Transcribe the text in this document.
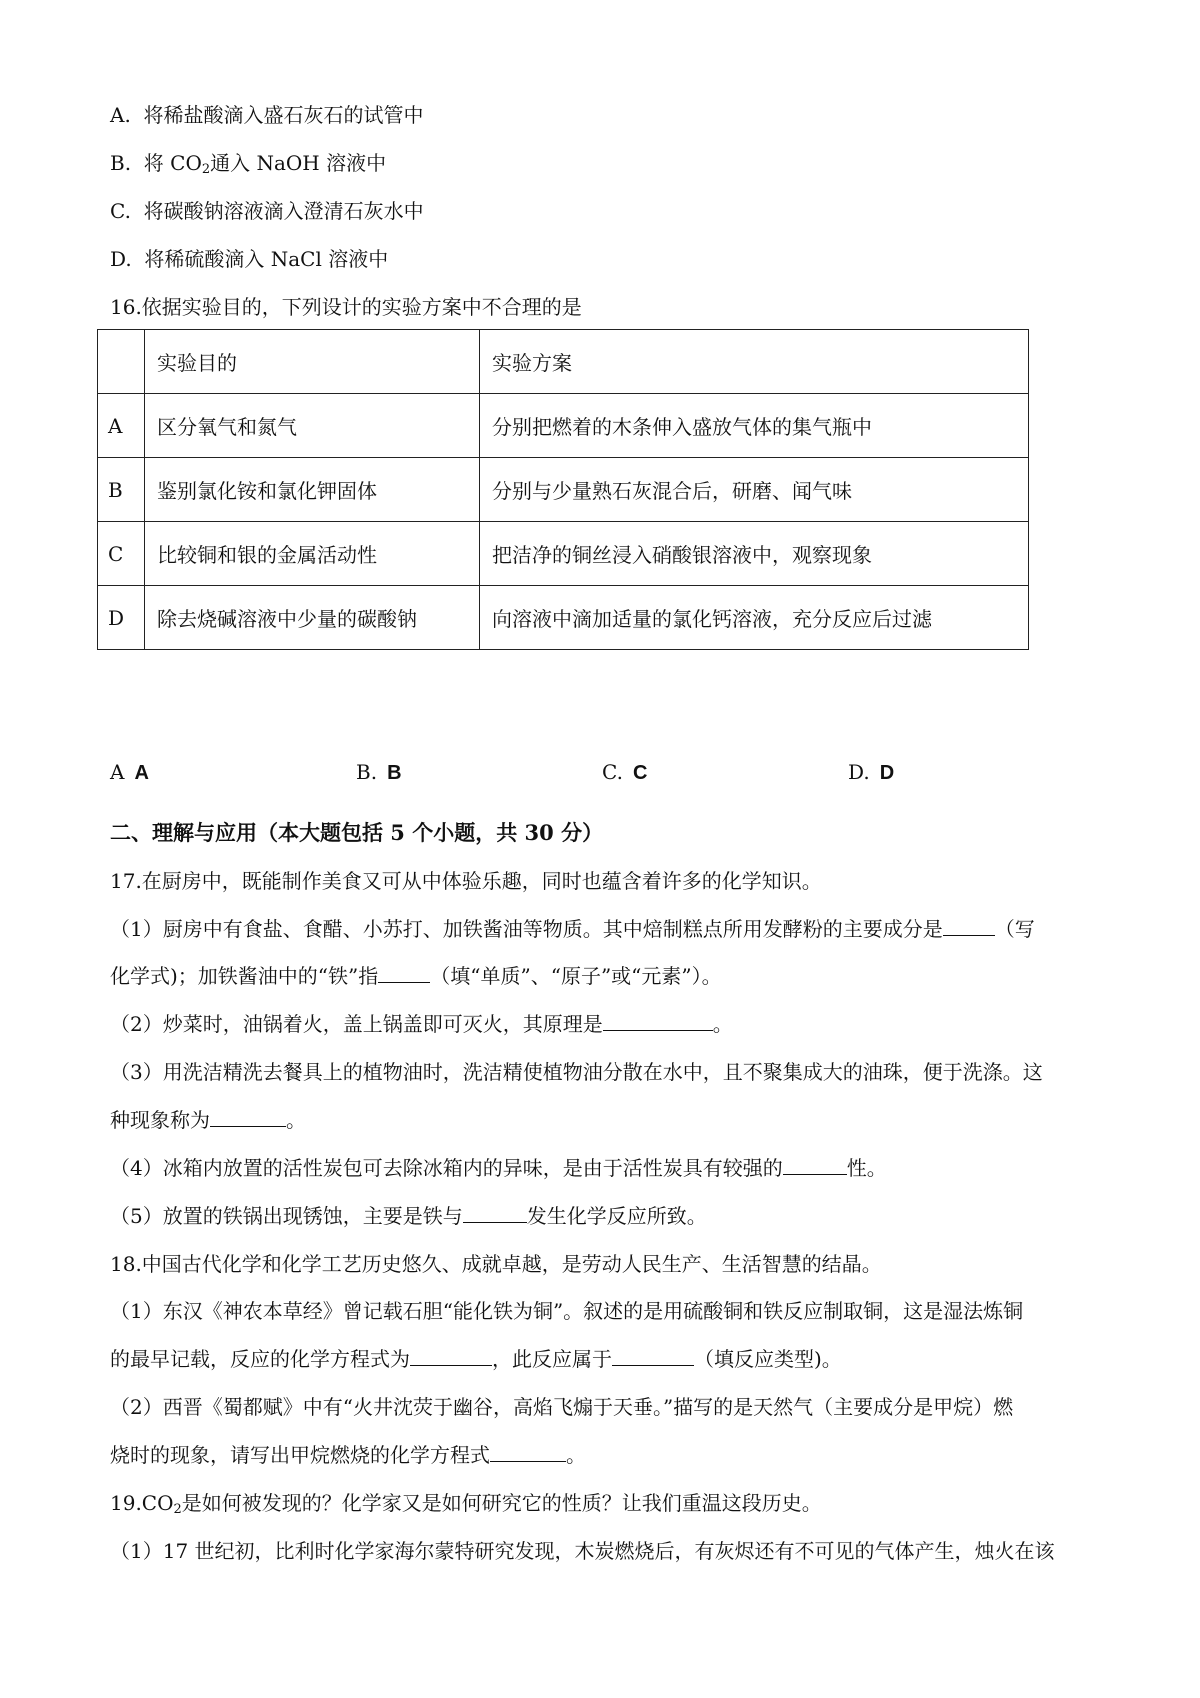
A. 将稀盐酸滴入盛石灰石的试管中
B. 将 $CO_2$通入 NaOH 溶液中
C. 将碳酸钠溶液滴入澄清石灰水中
D. 将稀硫酸滴入 NaCl 溶液中
16.依据实验目的，下列设计的实验方案中不合理的是
	实验目的	实验方案
A	区分氧气和氮气	分别把燃着的木条伸入盛放气体的集气瓶中
B	鉴别氯化铵和氯化钾固体	分别与少量熟石灰混合后，研磨、闻气味
C	比较铜和银的金属活动性	把洁净的铜丝浸入硝酸银溶液中，观察现象
D	除去烧碱溶液中少量的碳酸钠	向溶液中滴加适量的氯化钙溶液，充分反应后过滤
A A	B. B	C. C	D. D
二、理解与应用（本大题包括 5 个小题，共 30 分）
17.在厨房中，既能制作美食又可从中体验乐趣，同时也蕴含着许多的化学知识。
（1）厨房中有食盐、食醋、小苏打、加铁酱油等物质。其中焙制糕点所用发酵粉的主要成分是	（写
化学式)；加铁酱油中的“铁”指	（填“单质”、“原子”或“元素”）。
（2）炒菜时，油锅着火，盖上锅盖即可灭火，其原理是	。
（3）用洗洁精洗去餐具上的植物油时，洗洁精使植物油分散在水中，且不聚集成大的油珠，便于洗涤。这
种现象称为	。
（4）冰箱内放置的活性炭包可去除冰箱内的异味，是由于活性炭具有较强的	性。
（5）放置的铁锅出现锈蚀，主要是铁与	发生化学反应所致。
18.中国古代化学和化学工艺历史悠久、成就卓越，是劳动人民生产、生活智慧的结晶。
（1）东汉《神农本草经》曾记载石胆“能化铁为铜”。叙述的是用硫酸铜和铁反应制取铜，这是湿法炼铜
的最早记载，反应的化学方程式为	，此反应属于	（填反应类型)。
（2）西晋《蜀都赋》中有“火井沈荧于幽谷，高焰飞煽于天垂。”描写的是天然气（主要成分是甲烷）燃
烧时的现象，请写出甲烷燃烧的化学方程式	。
$19.CO_2$是如何被发现的？化学家又是如何研究它的性质？让我们重温这段历史。
（1）17 世纪初，比利时化学家海尔蒙特研究发现，木炭燃烧后，有灰烬还有不可见的气体产生，烛火在该
